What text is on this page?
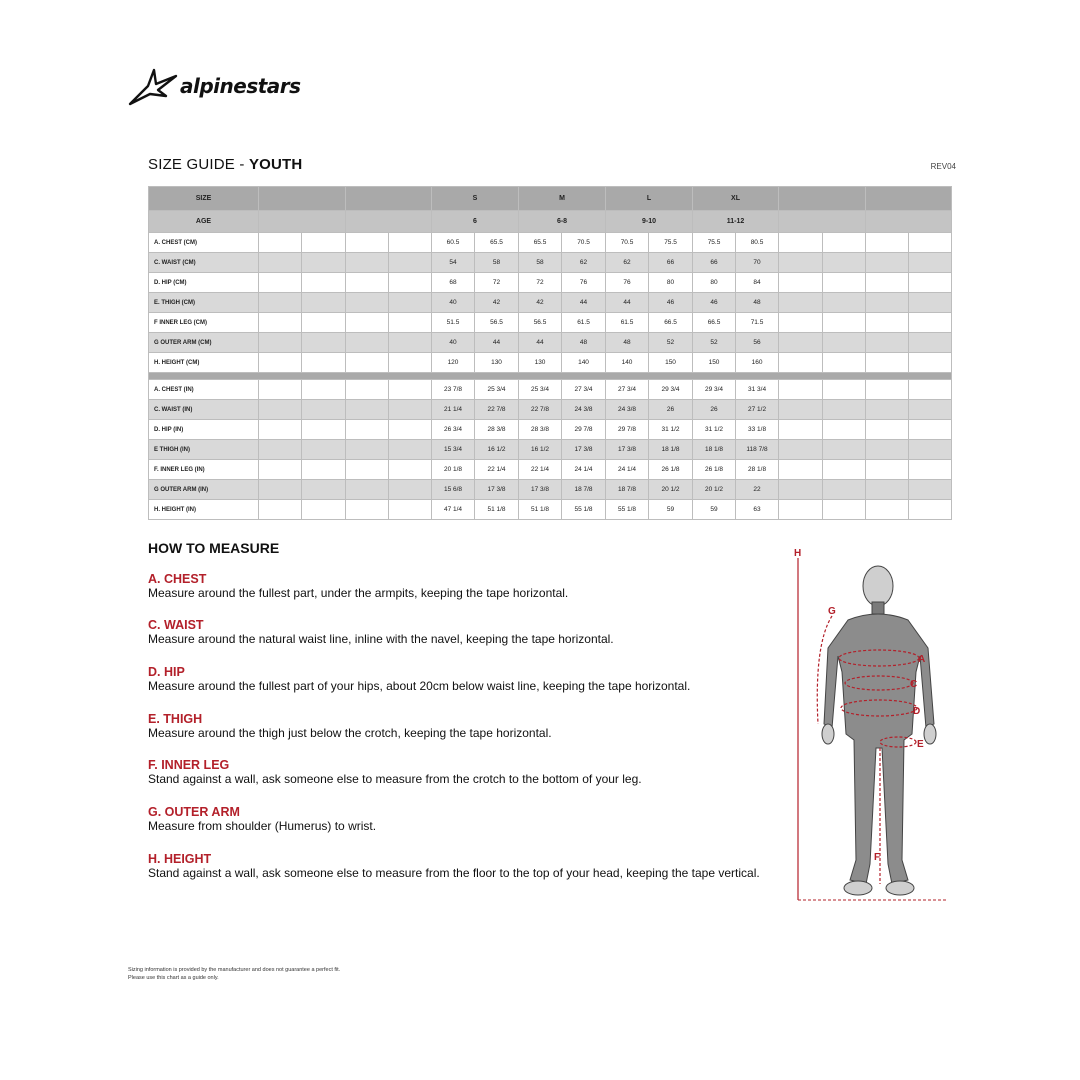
alpinestars
SIZE GUIDE - YOUTH	REV04
SIZE					S		M		L		XL					
AGE					6		6-8		9-10		11-12					
A. CHEST (CM)					60.5	65.5	65.5	70.5	70.5	75.5	75.5	80.5				
C. WAIST (CM)					54	58	58	62	62	66	66	70				
D. HIP (CM)					68	72	72	76	76	80	80	84				
E. THIGH (CM)					40	42	42	44	44	46	46	48				
F INNER LEG (CM)					51.5	56.5	56.5	61.5	61.5	66.5	66.5	71.5				
G OUTER ARM (CM)					40	44	44	48	48	52	52	56				
H. HEIGHT (CM)					120	130	130	140	140	150	150	160				

A. CHEST (IN)					23 7/8	25 3/4	25 3/4	27 3/4	27 3/4	29 3/4	29 3/4	31 3/4				
C. WAIST (IN)					21 1/4	22 7/8	22 7/8	24 3/8	24 3/8	26	26	27 1/2				
D. HIP (IN)					26 3/4	28 3/8	28 3/8	29 7/8	29 7/8	31 1/2	31 1/2	33 1/8				
E THIGH (IN)					15 3/4	16 1/2	16 1/2	17 3/8	17 3/8	18 1/8	18 1/8	118 7/8				
F. INNER LEG (IN)					20 1/8	22 1/4	22 1/4	24 1/4	24 1/4	26 1/8	26 1/8	28 1/8				
G OUTER ARM (IN)					15 6/8	17 3/8	17 3/8	18 7/8	18 7/8	20 1/2	20 1/2	22				
H. HEIGHT (IN)					47 1/4	51 1/8	51 1/8	55 1/8	55 1/8	59	59	63				
HOW TO MEASURE
A. CHEST
Measure around the fullest part, under the armpits, keeping the tape horizontal.
C. WAIST
Measure around the natural waist line, inline with the navel, keeping the tape horizontal.
D. HIP
Measure around the fullest part of your hips, about 20cm below waist line, keeping the tape horizontal.
E. THIGH
Measure around the thigh just below the crotch, keeping the tape horizontal.
F. INNER LEG
Stand against a wall, ask someone else to measure from the crotch to the bottom of your leg.
G. OUTER ARM
Measure from shoulder (Humerus) to wrist.
H. HEIGHT
Stand against a wall, ask someone else to measure from the floor to the top of your head, keeping the tape vertical.
H
G
A
C
D
E
F
Sizing information is provided by the manufacturer and does not guarantee a perfect fit.
Please use this chart as a guide only.
